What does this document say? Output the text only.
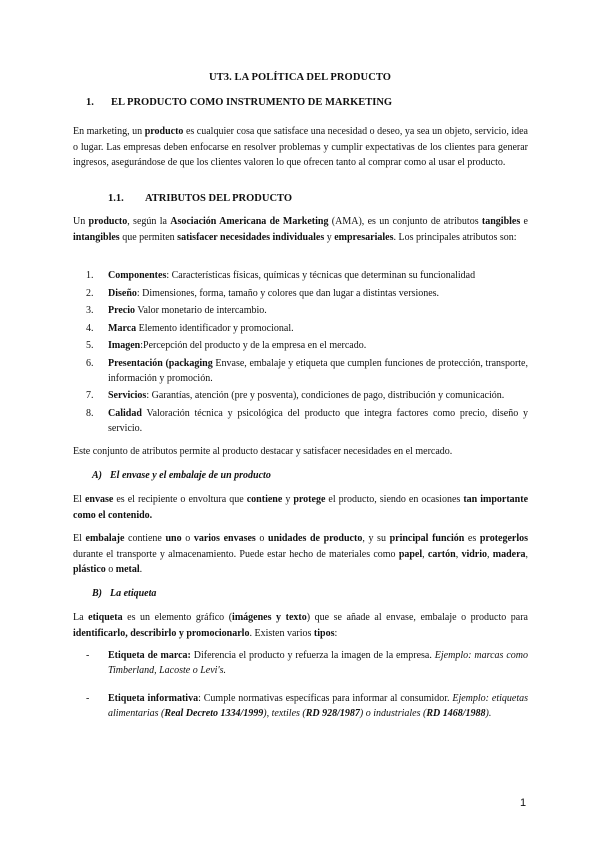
UT3. LA POLÍTICA DEL PRODUCTO
1. EL PRODUCTO COMO INSTRUMENTO DE MARKETING

En marketing, un producto es cualquier cosa que satisface una necesidad o deseo, ya sea un objeto, servicio, idea o lugar. Las empresas deben enfocarse en resolver problemas y cumplir expectativas de los clientes para generar ingresos, asegurándose de que los clientes valoren lo que ofrecen tanto al comprar como al usar el producto.

1.1. ATRIBUTOS DEL PRODUCTO

Un producto, según la Asociación Americana de Marketing (AMA), es un conjunto de atributos tangibles e intangibles que permiten satisfacer necesidades individuales y empresariales. Los principales atributos son:

1. Componentes: Características físicas, químicas y técnicas que determinan su funcionalidad
2. Diseño: Dimensiones, forma, tamaño y colores que dan lugar a distintas versiones.
3. Precio Valor monetario de intercambio.
4. Marca Elemento identificador y promocional.
5. Imagen:Percepción del producto y de la empresa en el mercado.
6. Presentación (packaging Envase, embalaje y etiqueta que cumplen funciones de protección, transporte, información y promoción.
7. Servicios: Garantías, atención (pre y posventa), condiciones de pago, distribución y comunicación.
8. Calidad Valoración técnica y psicológica del producto que integra factores como precio, diseño y servicio.

Este conjunto de atributos permite al producto destacar y satisfacer necesidades en el mercado.

A) El envase y el embalaje de un producto

El envase es el recipiente o envoltura que contiene y protege el producto, siendo en ocasiones tan importante como el contenido.

El embalaje contiene uno o varios envases o unidades de producto, y su principal función es protegerlos durante el transporte y almacenamiento. Puede estar hecho de materiales como papel, cartón, vidrio, madera, plástico o metal.

B) La etiqueta

La etiqueta es un elemento gráfico (imágenes y texto) que se añade al envase, embalaje o producto para identificarlo, describirlo y promocionarlo. Existen varios tipos:

- Etiqueta de marca: Diferencia el producto y refuerza la imagen de la empresa. Ejemplo: marcas como Timberland, Lacoste o Levi's.
- Etiqueta informativa: Cumple normativas específicas para informar al consumidor. Ejemplo: etiquetas alimentarias (Real Decreto 1334/1999), textiles (RD 928/1987) o industriales (RD 1468/1988).
1
